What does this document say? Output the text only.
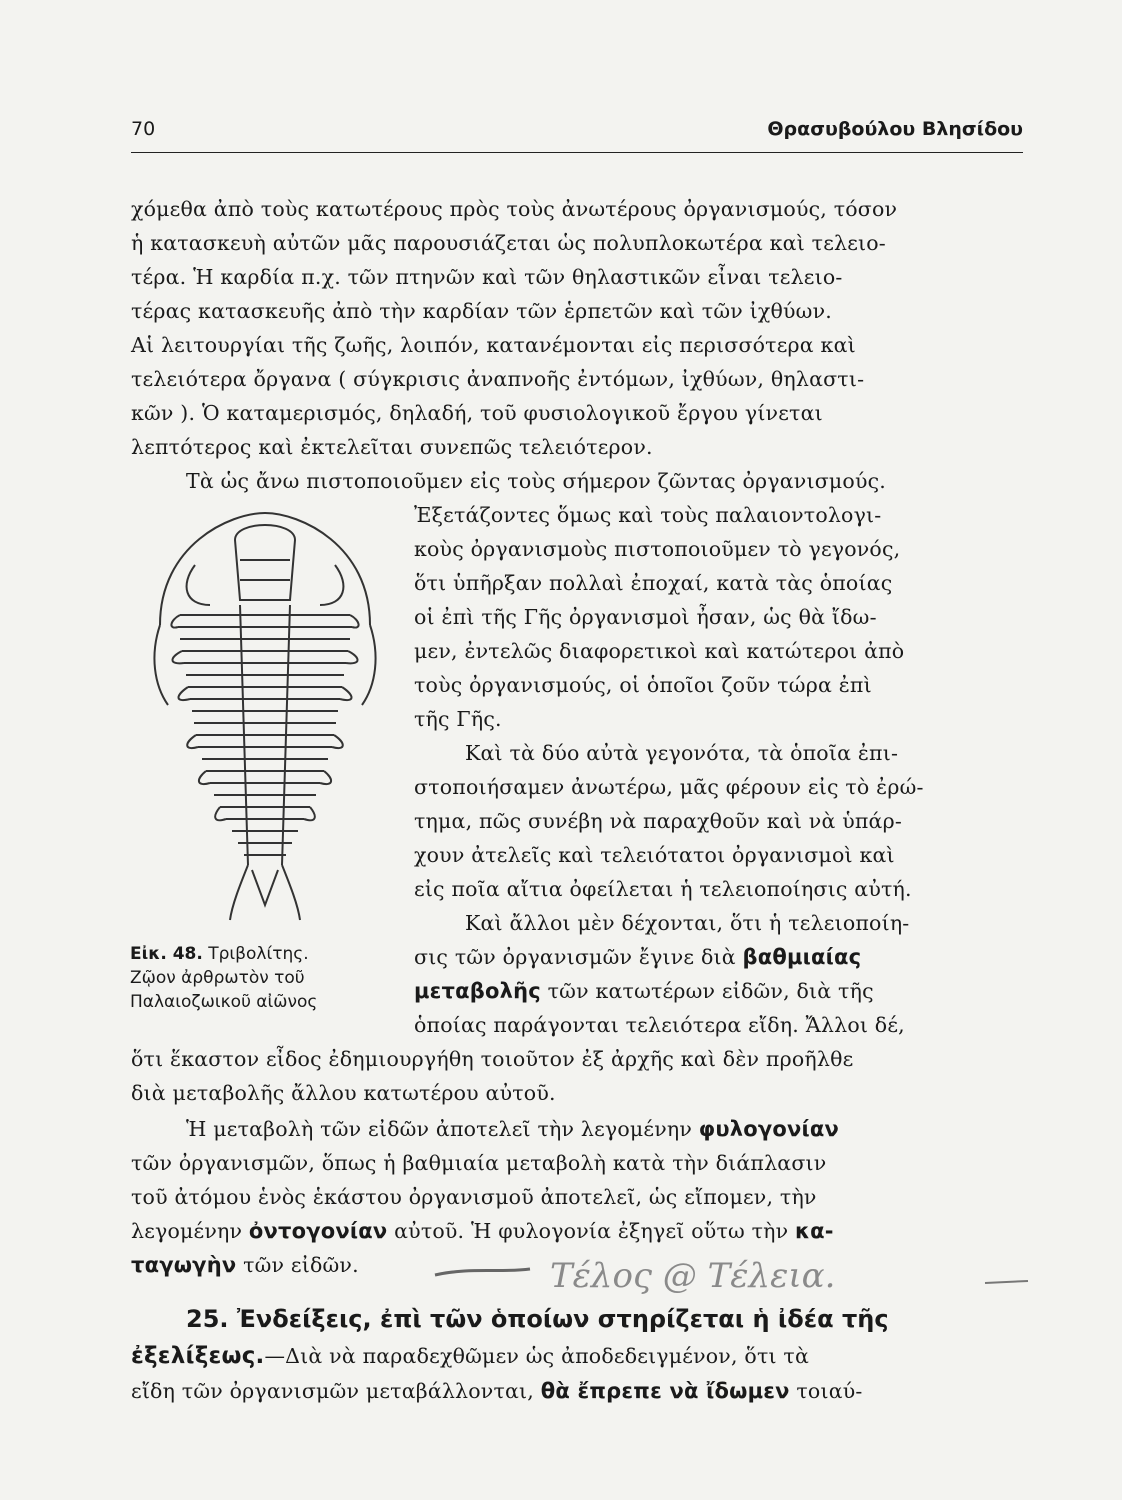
70	Θρασυβούλου Βλησίδου
χόμεθα ἀπὸ τοὺς κατωτέρους πρὸς τοὺς ἀνωτέρους ὀργανισμούς, τόσον
ἡ κατασκευὴ αὐτῶν μᾶς παρουσιάζεται ὡς πολυπλοκωτέρα καὶ τελειο-
τέρα. Ἡ καρδία π.χ. τῶν πτηνῶν καὶ τῶν θηλαστικῶν εἶναι τελειο-
τέρας κατασκευῆς ἀπὸ τὴν καρδίαν τῶν ἑρπετῶν καὶ τῶν ἰχθύων.
Αἱ λειτουργίαι τῆς ζωῆς, λοιπόν, κατανέμονται εἰς περισσότερα καὶ
τελειότερα ὄργανα ( σύγκρισις ἀναπνοῆς ἐντόμων, ἰχθύων, θηλαστι-
κῶν ). Ὁ καταμερισμός, δηλαδή, τοῦ φυσιολογικοῦ ἔργου γίνεται
λεπτότερος καὶ ἐκτελεῖται συνεπῶς τελειότερον.
Τὰ ὡς ἄνω πιστοποιοῦμεν εἰς τοὺς σήμερον ζῶντας ὀργανισμούς.
Ἐξετάζοντες ὅμως καὶ τοὺς παλαιοντολογι-
κοὺς ὀργανισμοὺς πιστοποιοῦμεν τὸ γεγονός,
ὅτι ὑπῆρξαν πολλαὶ ἐποχαί, κατὰ τὰς ὁποίας
οἱ ἐπὶ τῆς Γῆς ὀργανισμοὶ ἦσαν, ὡς θὰ ἴδω-
μεν, ἐντελῶς διαφορετικοὶ καὶ κατώτεροι ἀπὸ
τοὺς ὀργανισμούς, οἱ ὁποῖοι ζοῦν τώρα ἐπὶ
τῆς Γῆς.
Καὶ τὰ δύο αὐτὰ γεγονότα, τὰ ὁποῖα ἐπι-
στοποιήσαμεν ἀνωτέρω, μᾶς φέρουν εἰς τὸ ἐρώ-
τημα, πῶς συνέβη νὰ παραχθοῦν καὶ νὰ ὑπάρ-
χουν ἀτελεῖς καὶ τελειότατοι ὀργανισμοὶ καὶ
εἰς ποῖα αἴτια ὀφείλεται ἡ τελειοποίησις αὐτή.
Καὶ ἄλλοι μὲν δέχονται, ὅτι ἡ τελειοποίη-
σις τῶν ὀργανισμῶν ἔγινε διὰ βαθμιαίας
μεταβολῆς τῶν κατωτέρων εἰδῶν, διὰ τῆς
ὁποίας παράγονται τελειότερα εἴδη. Ἄλλοι δέ,
ὅτι ἕκαστον εἶδος ἐδημιουργήθη τοιοῦτον ἐξ ἀρχῆς καὶ δὲν προῆλθε
διὰ μεταβολῆς ἄλλου κατωτέρου αὐτοῦ.
Ἡ μεταβολὴ τῶν εἰδῶν ἀποτελεῖ τὴν λεγομένην φυλογονίαν
τῶν ὀργανισμῶν, ὅπως ἡ βαθμιαία μεταβολὴ κατὰ τὴν διάπλασιν
τοῦ ἀτόμου ἑνὸς ἑκάστου ὀργανισμοῦ ἀποτελεῖ, ὡς εἴπομεν, τὴν
λεγομένην ὀντογονίαν αὐτοῦ. Ἡ φυλογονία ἐξηγεῖ οὕτω τὴν κα-
ταγωγὴν τῶν εἰδῶν.	Τέλος @ Τέλεια.
25. Ἐνδείξεις, ἐπὶ τῶν ὁποίων στηρίζεται ἡ ἰδέα τῆς
ἐξελίξεως.—Διὰ νὰ παραδεχθῶμεν ὡς ἀποδεδειγμένον, ὅτι τὰ
εἴδη τῶν ὀργανισμῶν μεταβάλλονται, θὰ ἔπρεπε νὰ ἴδωμεν τοιαύ-
Εἰκ. 48. Τριβολίτης.
Ζῷον ἀρθρωτὸν τοῦ
Παλαιοζωικοῦ αἰῶνος
